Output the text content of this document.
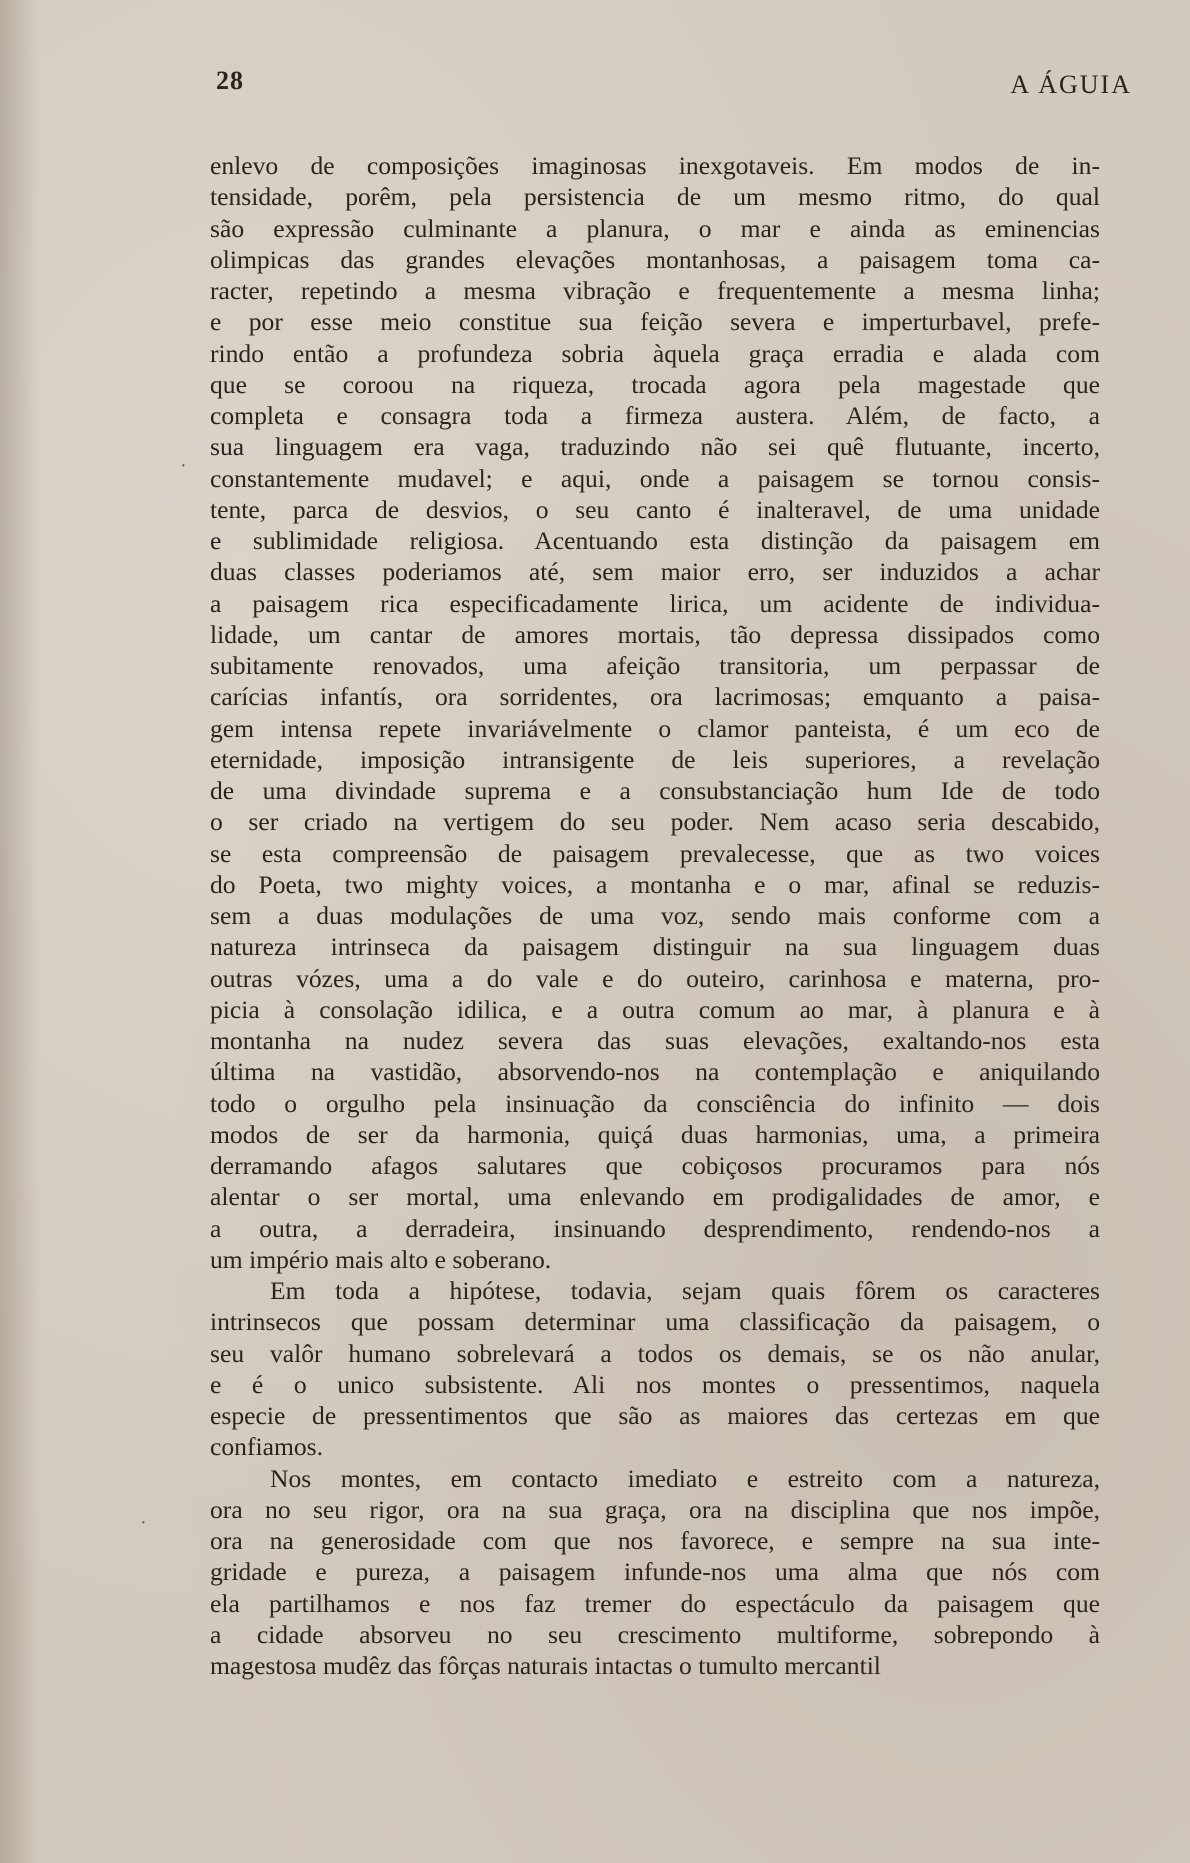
28	A ÁGUIA
enlevo de composições imaginosas inexgotaveis. Em modos de in-
tensidade, porêm, pela persistencia de um mesmo ritmo, do qual
são expressão culminante a planura, o mar e ainda as eminencias
olimpicas das grandes elevações montanhosas, a paisagem toma ca-
racter, repetindo a mesma vibração e frequentemente a mesma linha;
e por esse meio constitue sua feição severa e imperturbavel, prefe-
rindo então a profundeza sobria àquela graça erradia e alada com
que se coroou na riqueza, trocada agora pela magestade que
completa e consagra toda a firmeza austera. Além, de facto, a
sua linguagem era vaga, traduzindo não sei quê flutuante, incerto,
constantemente mudavel; e aqui, onde a paisagem se tornou consis-
tente, parca de desvios, o seu canto é inalteravel, de uma unidade
e sublimidade religiosa. Acentuando esta distinção da paisagem em
duas classes poderiamos até, sem maior erro, ser induzidos a achar
a paisagem rica especificadamente lirica, um acidente de individua-
lidade, um cantar de amores mortais, tão depressa dissipados como
subitamente renovados, uma afeição transitoria, um perpassar de
carícias infantís, ora sorridentes, ora lacrimosas; emquanto a paisa-
gem intensa repete invariávelmente o clamor panteista, é um eco de
eternidade, imposição intransigente de leis superiores, a revelação
de uma divindade suprema e a consubstanciação hum Ide de todo
o ser criado na vertigem do seu poder. Nem acaso seria descabido,
se esta compreensão de paisagem prevalecesse, que as two voices
do Poeta, two mighty voices, a montanha e o mar, afinal se reduzis-
sem a duas modulações de uma voz, sendo mais conforme com a
natureza intrinseca da paisagem distinguir na sua linguagem duas
outras vózes, uma a do vale e do outeiro, carinhosa e materna, pro-
picia à consolação idilica, e a outra comum ao mar, à planura e à
montanha na nudez severa das suas elevações, exaltando-nos esta
última na vastidão, absorvendo-nos na contemplação e aniquilando
todo o orgulho pela insinuação da consciência do infinito — dois
modos de ser da harmonia, quiçá duas harmonias, uma, a primeira
derramando afagos salutares que cobiçosos procuramos para nós
alentar o ser mortal, uma enlevando em prodigalidades de amor, e
a outra, a derradeira, insinuando desprendimento, rendendo-nos a
um império mais alto e soberano.
Em toda a hipótese, todavia, sejam quais fôrem os caracteres
intrinsecos que possam determinar uma classificação da paisagem, o
seu valôr humano sobrelevará a todos os demais, se os não anular,
e é o unico subsistente. Ali nos montes o pressentimos, naquela
especie de pressentimentos que são as maiores das certezas em que
confiamos.
Nos montes, em contacto imediato e estreito com a natureza,
ora no seu rigor, ora na sua graça, ora na disciplina que nos impõe,
ora na generosidade com que nos favorece, e sempre na sua inte-
gridade e pureza, a paisagem infunde-nos uma alma que nós com
ela partilhamos e nos faz tremer do espectáculo da paisagem que
a cidade absorveu no seu crescimento multiforme, sobrepondo à
magestosa mudêz das fôrças naturais intactas o tumulto mercantil
·
·
